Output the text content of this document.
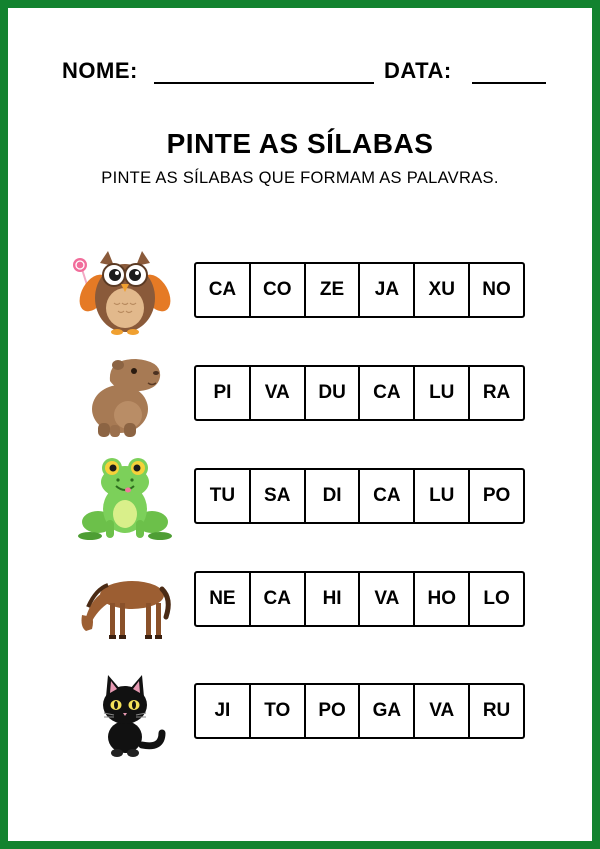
NOME:	DATA:
PINTE AS SÍLABAS
PINTE AS SÍLABAS QUE FORMAM AS PALAVRAS.
CA	CO	ZE	JA	XU	NO
PI	VA	DU	CA	LU	RA
TU	SA	DI	CA	LU	PO
NE	CA	HI	VA	HO	LO
JI	TO	PO	GA	VA	RU
